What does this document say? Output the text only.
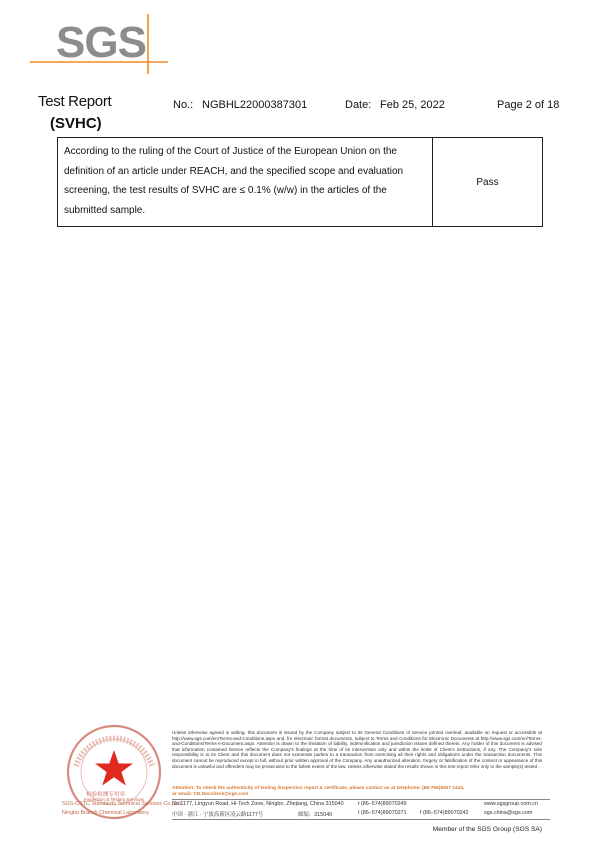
SGS
Test Report
(SVHC)
No.: NGBHL22000387301	Date: Feb 25, 2022	Page 2 of 18
According to the ruling of the Court of Justice of the European Union on the definition of an article under REACH, and the specified scope and evaluation screening, the test results of SVHC are ≤ 0.1% (w/w) in the articles of the submitted sample.	Pass
检验检测专用章
Inspection & Testing Services
SGS-CSTC Standards Technical Services Co.,Ltd.
Ningbo Branch Chemical Laboratory
Unless otherwise agreed in writing, this document is issued by the Company subject to its General Conditions of Service printed overleaf, available on request or accessible at http://www.sgs.com/en/Terms-and-Conditions.aspx and, for electronic format documents, subject to Terms and Conditions for Electronic Documents at http://www.sgs.com/en/Terms-and-Conditions/Terms-e-Document.aspx. Attention is drawn to the limitation of liability, indemnification and jurisdiction issues defined therein. Any holder of this document is advised that information contained hereon reflects the Company's findings at the time of its intervention only and within the limits of Client's instructions, if any. The Company's sole responsibility is to its Client and this document does not exonerate parties to a transaction from exercising all their rights and obligations under the transaction documents. This document cannot be reproduced except in full, without prior written approval of the Company. Any unauthorized alteration, forgery or falsification of the content or appearance of this document is unlawful and offenders may be prosecuted to the fullest extent of the law. Unless otherwise stated the results shown in this test report refer only to the sample(s) tested .
Attention: To check the authenticity of testing /inspection report & certificate, please contact us at telephone: (86-755)8307 1443,
or email: CN.Doccheck@sgs.com
No.1177, Lingyun Road, Hi-Tech Zone, Ningbo, Zhejiang, China 315040	t (86–574)89070249	www.sgsgroup.com.cn
中国 · 浙江 · 宁波高新区凌云路1177号	邮编：315040	t (86–574)89070271 f (86–574)89070242	sgs.china@sgs.com
Member of the SGS Group (SGS SA)
